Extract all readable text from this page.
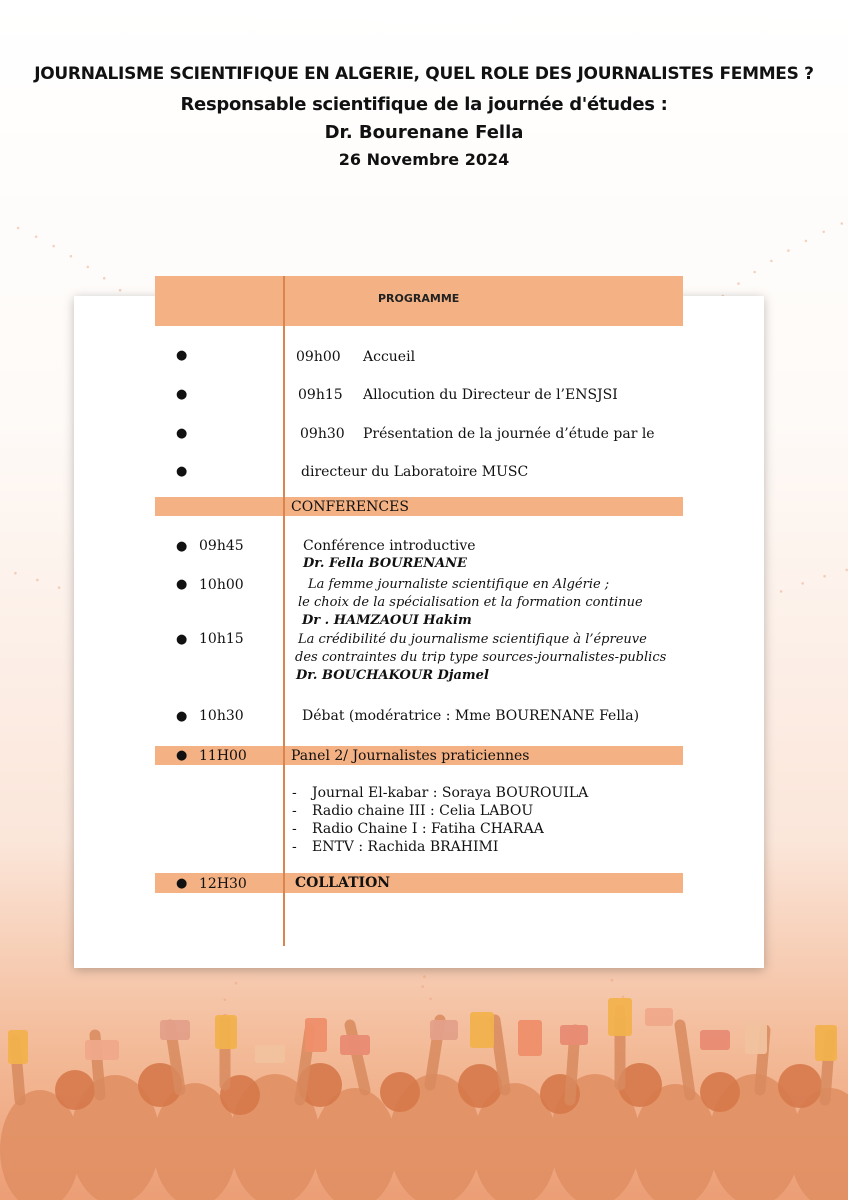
JOURNALISME SCIENTIFIQUE EN ALGERIE, QUEL ROLE DES JOURNALISTES FEMMES ?
Responsable scientifique de la journée d'études :
Dr. Bourenane Fella
26 Novembre 2024
PROGRAMME
●	09h00 Accueil
●	09h15 Allocution du Directeur de l’ENSJSI
●	09h30 Présentation de la journée d’étude par le
●	directeur du Laboratoire MUSC
CONFERENCES
● 09h45	Conférence introductive
Dr. Fella BOURENANE
● 10h00	La femme journaliste scientifique en Algérie ;
le choix de la spécialisation et la formation continue
Dr . HAMZAOUI Hakim
● 10h15	La crédibilité du journalisme scientifique à l’épreuve
des contraintes du trip type sources-journalistes-publics
Dr. BOUCHAKOUR Djamel
● 10h30	Débat (modératrice : Mme BOURENANE Fella)
● 11H00	Panel 2/ Journalistes praticiennes
- Journal El-kabar : Soraya BOUROUILA
- Radio chaine III : Celia LABOU
- Radio Chaine I : Fatiha CHARAA
- ENTV : Rachida BRAHIMI
● 12H30	COLLATION
